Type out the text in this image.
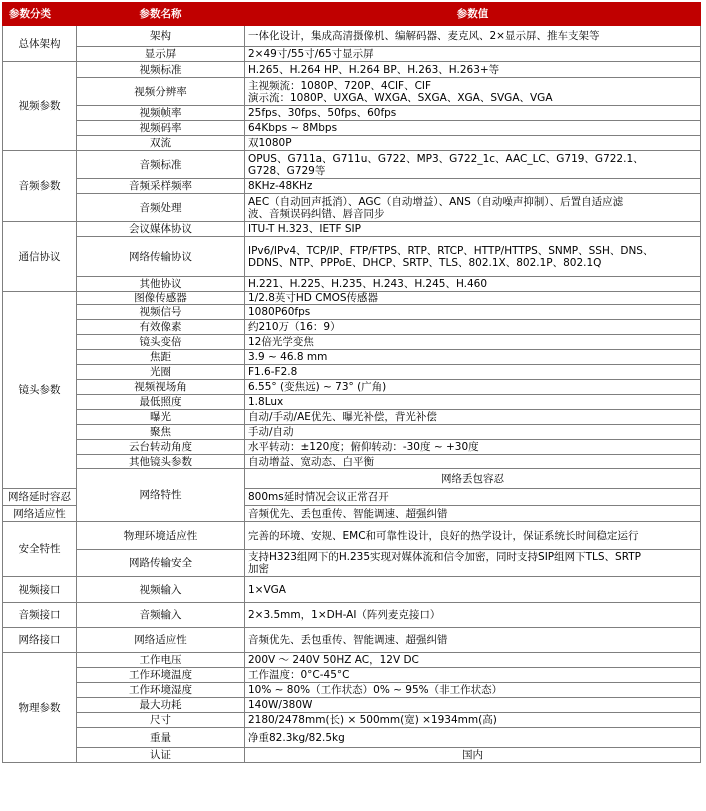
参数分类	参数名称	参数值	
总体架构	架构	一体化设计，集成高清摄像机、编解码器、麦克风、2×显示屏、推车支架等	

	显示屏	2×49寸/55寸/65寸显示屏	

视频参数	视频标准	H.265、H.264 HP、H.264 BP、H.263、H.263+等	

	视频分辨率	主视频流：1080P、720P、4CIF、CIF
演示流：1080P、UXGA、WXGA、SXGA、XGA、SVGA、VGA	

	视频帧率	25fps、30fps、50fps、60fps	

	视频码率	64Kbps ~ 8Mbps	

	双流	双1080P	

音频参数	音频标准	OPUS、G711a、G711u、G722、MP3、G722_1c、AAC_LC、G719、G722.1、
G728、G729等	

	音频采样频率	8KHz-48KHz	

	音频处理	AEC（自动回声抵消）、AGC（自动增益）、ANS（自动噪声抑制）、后置自适应滤
波、音频误码纠错、唇音同步	

通信协议	会议媒体协议	ITU-T H.323、IETF SIP	

	网络传输协议	IPv6/IPv4、TCP/IP、FTP/FTPS、RTP、RTCP、HTTP/HTTPS、SNMP、SSH、DNS、
DDNS、NTP、PPPoE、DHCP、SRTP、TLS、802.1X、802.1P、802.1Q	

	其他协议	H.221、H.225、H.235、H.243、H.245、H.460	

镜头参数	图像传感器	1/2.8英寸HD CMOS传感器	

	视频信号	1080P60fps	

	有效像素	约210万（16：9）	

	镜头变倍	12倍光学变焦	

	焦距	3.9 ~ 46.8 mm	

	光圈	F1.6-F2.8	

	视频视场角	6.55° (变焦远) ~ 73° (广角)	

	最低照度	1.8Lux	

	曝光	自动/手动/AE优先、曝光补偿，背光补偿	

	聚焦	手动/自动	

	云台转动角度	水平转动：±120度；俯仰转动：-30度 ~ +30度	

	其他镜头参数	自动增益、宽动态、白平衡	

	网络特性	网络丢包容忍	

网络延时容忍		800ms延时情况会议正常召开	

网络适应性		音频优先、丢包重传、智能调速、超强纠错	

安全特性	物理环境适应性	完善的环境、安规、EMC和可靠性设计，良好的热学设计，保证系统长时间稳定运行	

	网路传输安全	支持H323组网下的H.235实现对媒体流和信令加密，同时支持SIP组网下TLS、SRTP
加密	

视频接口	视频输入	1×VGA	

音频接口	音频输入	2×3.5mm，1×DH-AI（阵列麦克接口）	

网络接口	网络适应性	音频优先、丢包重传、智能调速、超强纠错	

物理参数	工作电压	200V ～ 240V 50HZ AC，12V DC	

	工作环境温度	工作温度：0°C-45°C	

	工作环境湿度	10% ~ 80%（工作状态）0% ~ 95%（非工作状态）	

	最大功耗	140W/380W	

	尺寸	2180/2478mm(长) × 500mm(宽) ×1934mm(高)	

	重量	净重82.3kg/82.5kg	

	认证	国内	
